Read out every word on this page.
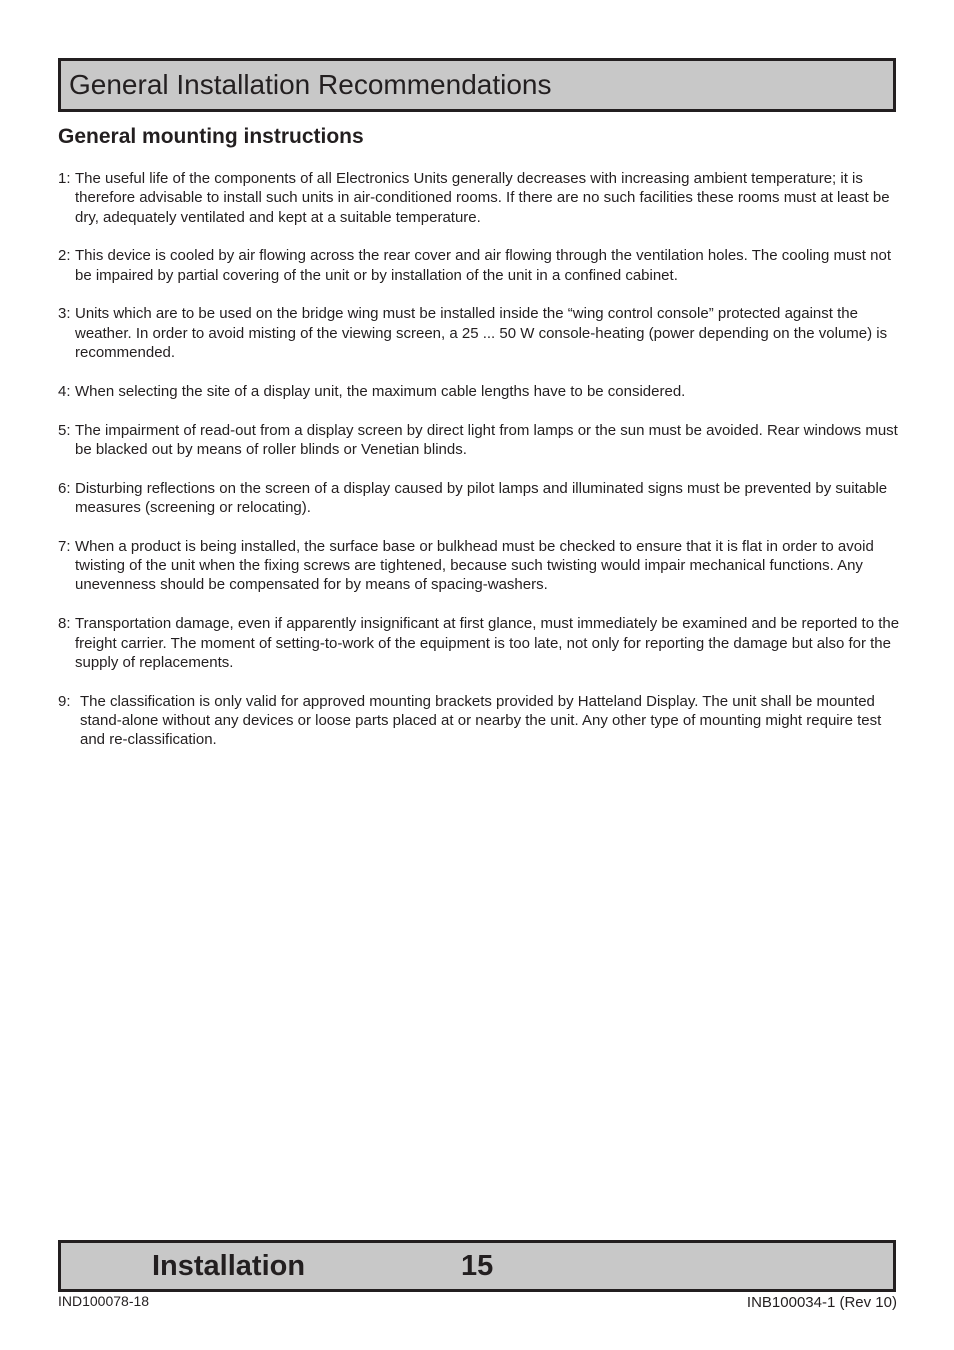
General Installation Recommendations
General mounting instructions
1: The useful life of the components of all Electronics Units generally decreases with increasing ambient temperature; it is therefore advisable to install such units in air-conditioned rooms. If there are no such facilities these rooms must at least be dry, adequately ventilated and kept at a suitable temperature.
2: This device is cooled by air flowing across the rear cover and air flowing through the ventilation holes. The cooling must not be impaired by partial covering of the unit or by installation of the unit in a confined cabinet.
3: Units which are to be used on the bridge wing must be installed inside the “wing control console” protected against the weather. In order to avoid misting of the viewing screen, a 25 ... 50 W console-heating (power depending on the volume) is recommended.
4: When selecting the site of a display unit, the maximum cable lengths have to be considered.
5: The impairment of read-out from a display screen by direct light from lamps or the sun must be avoided. Rear windows must be blacked out by means of roller blinds or Venetian blinds.
6: Disturbing reflections on the screen of a display caused by pilot lamps and illuminated signs must be prevented by suitable measures (screening or relocating).
7: When a product is being installed, the surface base or bulkhead must be checked to ensure that it is flat in order to avoid twisting of the unit when the fixing screws are tightened, because such twisting would impair mechanical functions. Any unevenness should be compensated for by means of spacing-washers.
8: Transportation damage, even if apparently insignificant at first glance, must immediately be examined and be reported to the freight carrier. The moment of setting-to-work of the equipment is too late, not only for reporting the damage but also for the supply of replacements.
9: The classification is only valid for approved mounting brackets provided by Hatteland Display. The unit shall be mounted stand-alone without any devices or loose parts placed at or nearby the unit. Any other type of mounting might require test and re-classification.
Installation	15
IND100078-18	INB100034-1 (Rev 10)
